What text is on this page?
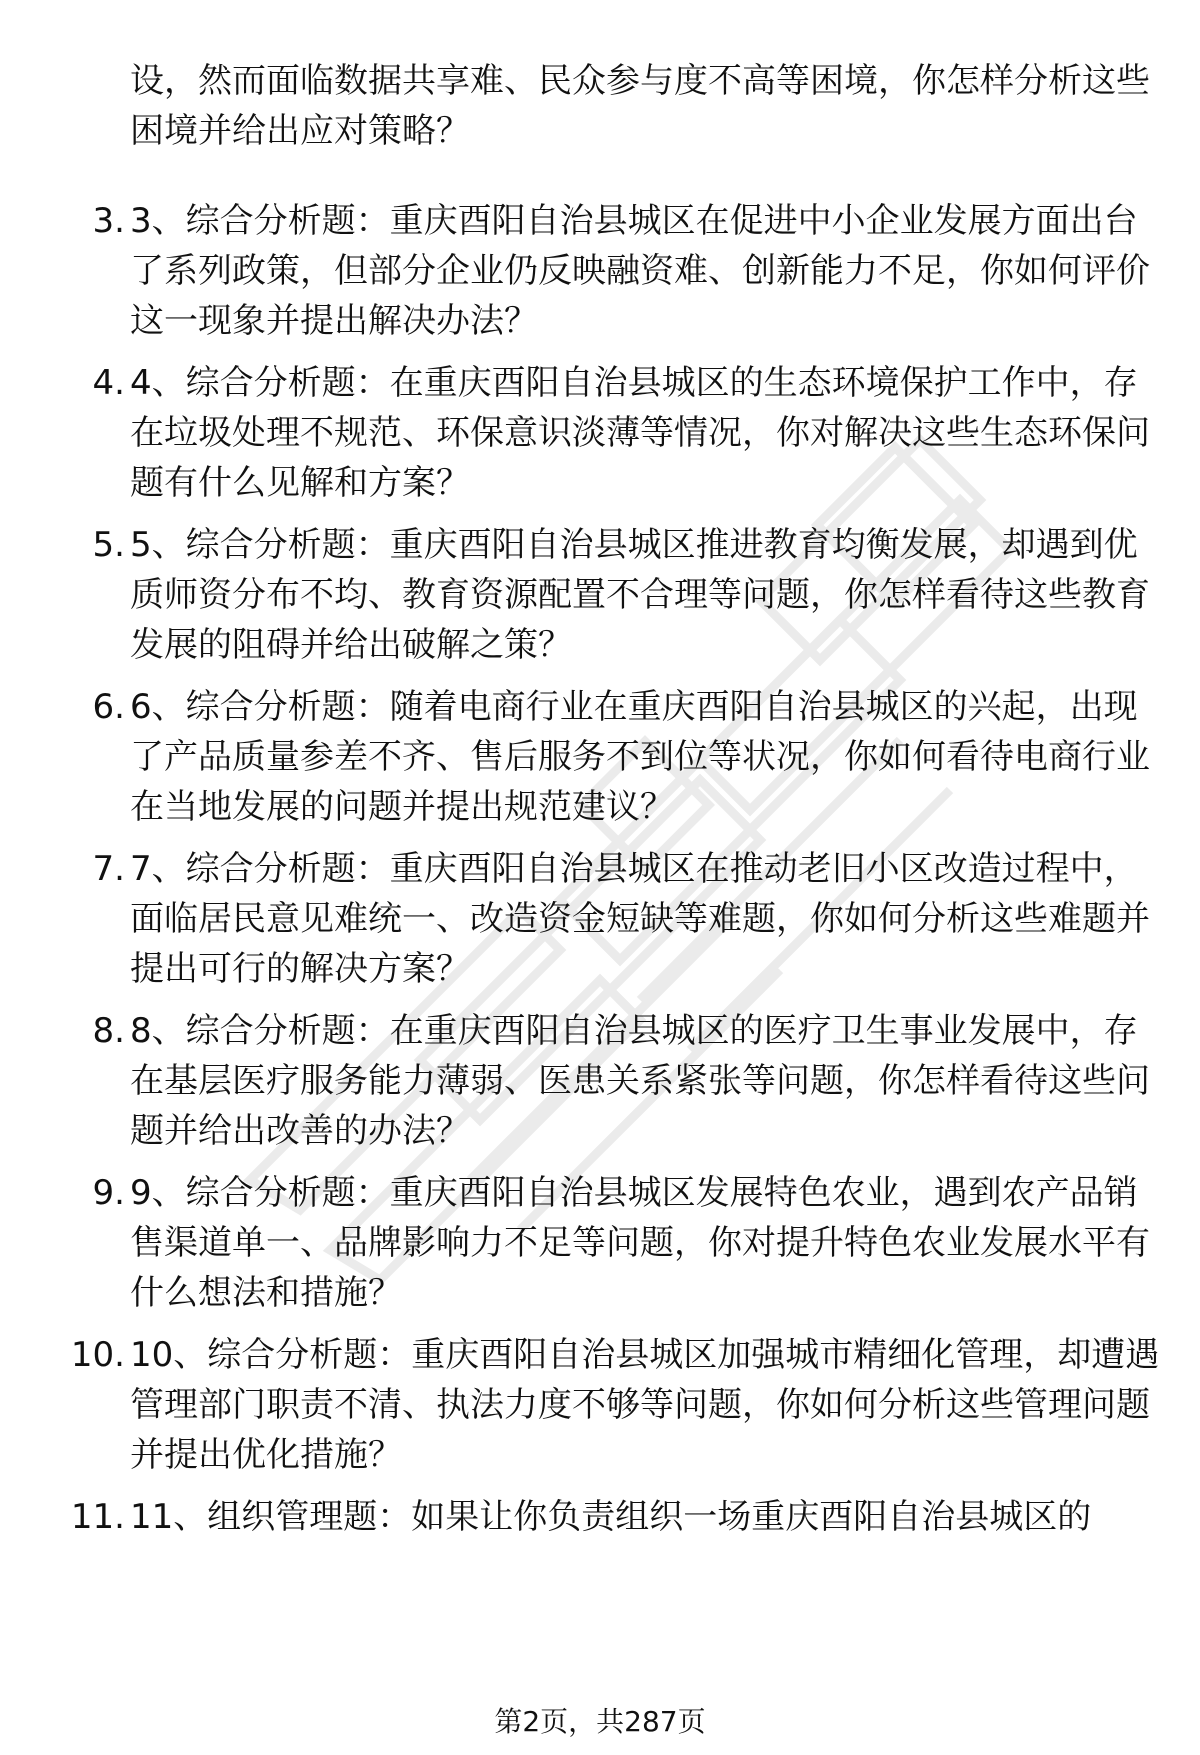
设，然而面临数据共享难、民众参与度不高等困境，你怎样分析这些困境并给出应对策略？
3. 3、综合分析题：重庆酉阳自治县城区在促进中小企业发展方面出台了系列政策，但部分企业仍反映融资难、创新能力不足，你如何评价这一现象并提出解决办法？
4. 4、综合分析题：在重庆酉阳自治县城区的生态环境保护工作中，存在垃圾处理不规范、环保意识淡薄等情况，你对解决这些生态环保问题有什么见解和方案？
5. 5、综合分析题：重庆酉阳自治县城区推进教育均衡发展，却遇到优质师资分布不均、教育资源配置不合理等问题，你怎样看待这些教育发展的阻碍并给出破解之策？
6. 6、综合分析题：随着电商行业在重庆酉阳自治县城区的兴起，出现了产品质量参差不齐、售后服务不到位等状况，你如何看待电商行业在当地发展的问题并提出规范建议？
7. 7、综合分析题：重庆酉阳自治县城区在推动老旧小区改造过程中，面临居民意见难统一、改造资金短缺等难题，你如何分析这些难题并提出可行的解决方案？
8. 8、综合分析题：在重庆酉阳自治县城区的医疗卫生事业发展中，存在基层医疗服务能力薄弱、医患关系紧张等问题，你怎样看待这些问题并给出改善的办法？
9. 9、综合分析题：重庆酉阳自治县城区发展特色农业，遇到农产品销售渠道单一、品牌影响力不足等问题，你对提升特色农业发展水平有什么想法和措施？
10. 10、综合分析题：重庆酉阳自治县城区加强城市精细化管理，却遭遇管理部门职责不清、执法力度不够等问题，你如何分析这些管理问题并提出优化措施？
11. 11、组织管理题：如果让你负责组织一场重庆酉阳自治县城区的
第2页，共287页
